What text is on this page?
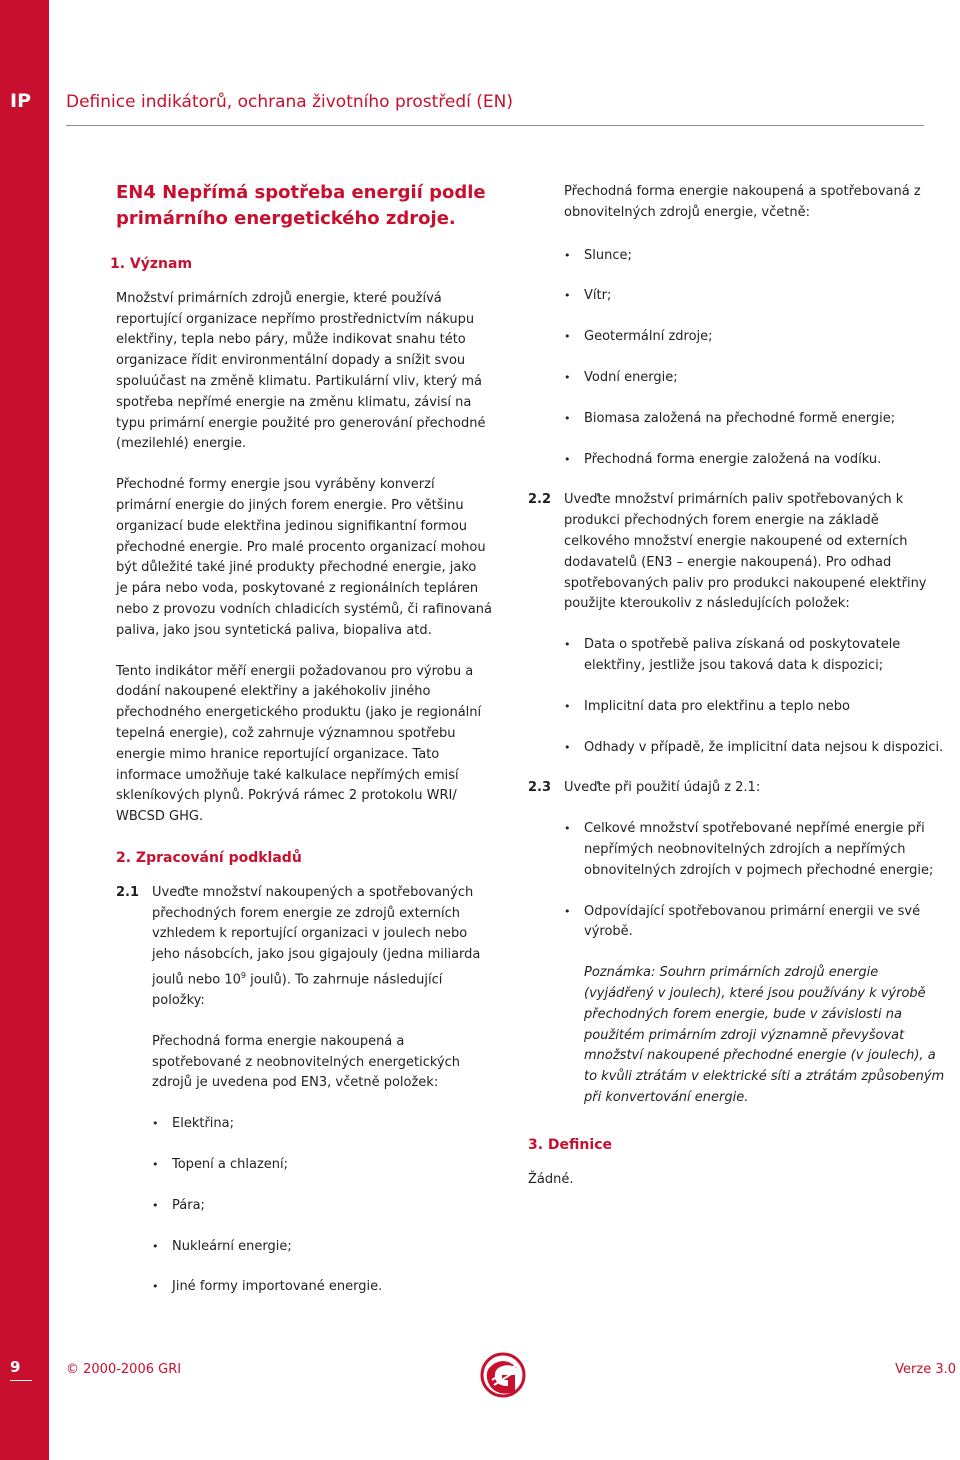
IP Definice indikátorů, ochrana životního prostředí (EN)
EN4 Nepřímá spotřeba energií podle primárního energetického zdroje.
1. Význam

Množství primárních zdrojů energie, které používá reportující organizace nepřímo prostřednictvím nákupu elektřiny, tepla nebo páry, může indikovat snahu této organizace řídit environmentální dopady a snížit svou spoluúčast na změně klimatu. Partikulární vliv, který má spotřeba nepřímé energie na změnu klimatu, závisí na typu primární energie použité pro generování přechodné (mezilehlé) energie.

Přechodné formy energie jsou vyráběny konverzí primární energie do jiných forem energie. Pro většinu organizací bude elektřina jedinou signifikantní formou přechodné energie. Pro malé procento organizací mohou být důležité také jiné produkty přechodné energie, jako je pára nebo voda, poskytované z regionálních tepláren nebo z provozu vodních chladicích systémů, či rafinovaná paliva, jako jsou syntetická paliva, biopaliva atd.

Tento indikátor měří energii požadovanou pro výrobu a dodání nakoupené elektřiny a jakéhokoliv jiného přechodného energetického produktu (jako je regionální tepelná energie), což zahrnuje významnou spotřebu energie mimo hranice reportující organizace. Tato informace umožňuje také kalkulace nepřímých emisí skleníkových plynů. Pokrývá rámec 2 protokolu WRI/ WBCSD GHG.

2. Zpracování podkladů
2.1 Uveďte množství nakoupených a spotřebovaných přechodných forem energie ze zdrojů externích vzhledem k reportující organizaci v joulech nebo jeho násobcích, jako jsou gigajouly (jedna miliarda joulů nebo $10^9$ joulů). To zahrnuje následující položky:

Přechodná forma energie nakoupená a spotřebované z neobnovitelných energetických zdrojů je uvedena pod EN3, včetně položek:

• Elektřina;
• Topení a chlazení;
• Pára;
• Nukleární energie;
• Jiné formy importované energie.

Přechodná forma energie nakoupená a spotřebovaná z obnovitelných zdrojů energie, včetně:

• Slunce;
• Vítr;
• Geotermální zdroje;
• Vodní energie;
• Biomasa založená na přechodné formě energie;
• Přechodná forma energie založená na vodíku.
2.2 Uveďte množství primárních paliv spotřebovaných k produkci přechodných forem energie na základě celkového množství energie nakoupené od externích dodavatelů (EN3 – energie nakoupená). Pro odhad spotřebovaných paliv pro produkci nakoupené elektřiny použijte kteroukoliv z následujících položek:
• Data o spotřebě paliva získaná od poskytovatele elektřiny, jestliže jsou taková data k dispozici;
• Implicitní data pro elektřinu a teplo nebo
• Odhady v případě, že implicitní data nejsou k dispozici.
2.3 Uveďte při použití údajů z 2.1:
• Celkové množství spotřebované nepřímé energie při nepřímých neobnovitelných zdrojích a nepřímých obnovitelných zdrojích v pojmech přechodné energie;
• Odpovídající spotřebovanou primární energii ve své výrobě.

Poznámka: Souhrn primárních zdrojů energie (vyjádřený v joulech), které jsou používány k výrobě přechodných forem energie, bude v závislosti na použitém primárním zdroji významně převyšovat množství nakoupené přechodné energie (v joulech), a to kvůli ztrátám v elektrické síti a ztrátám způsobeným při konvertování energie.

3. Definice

Žádné.

9	© 2000-2006 GRI	Verze 3.0
